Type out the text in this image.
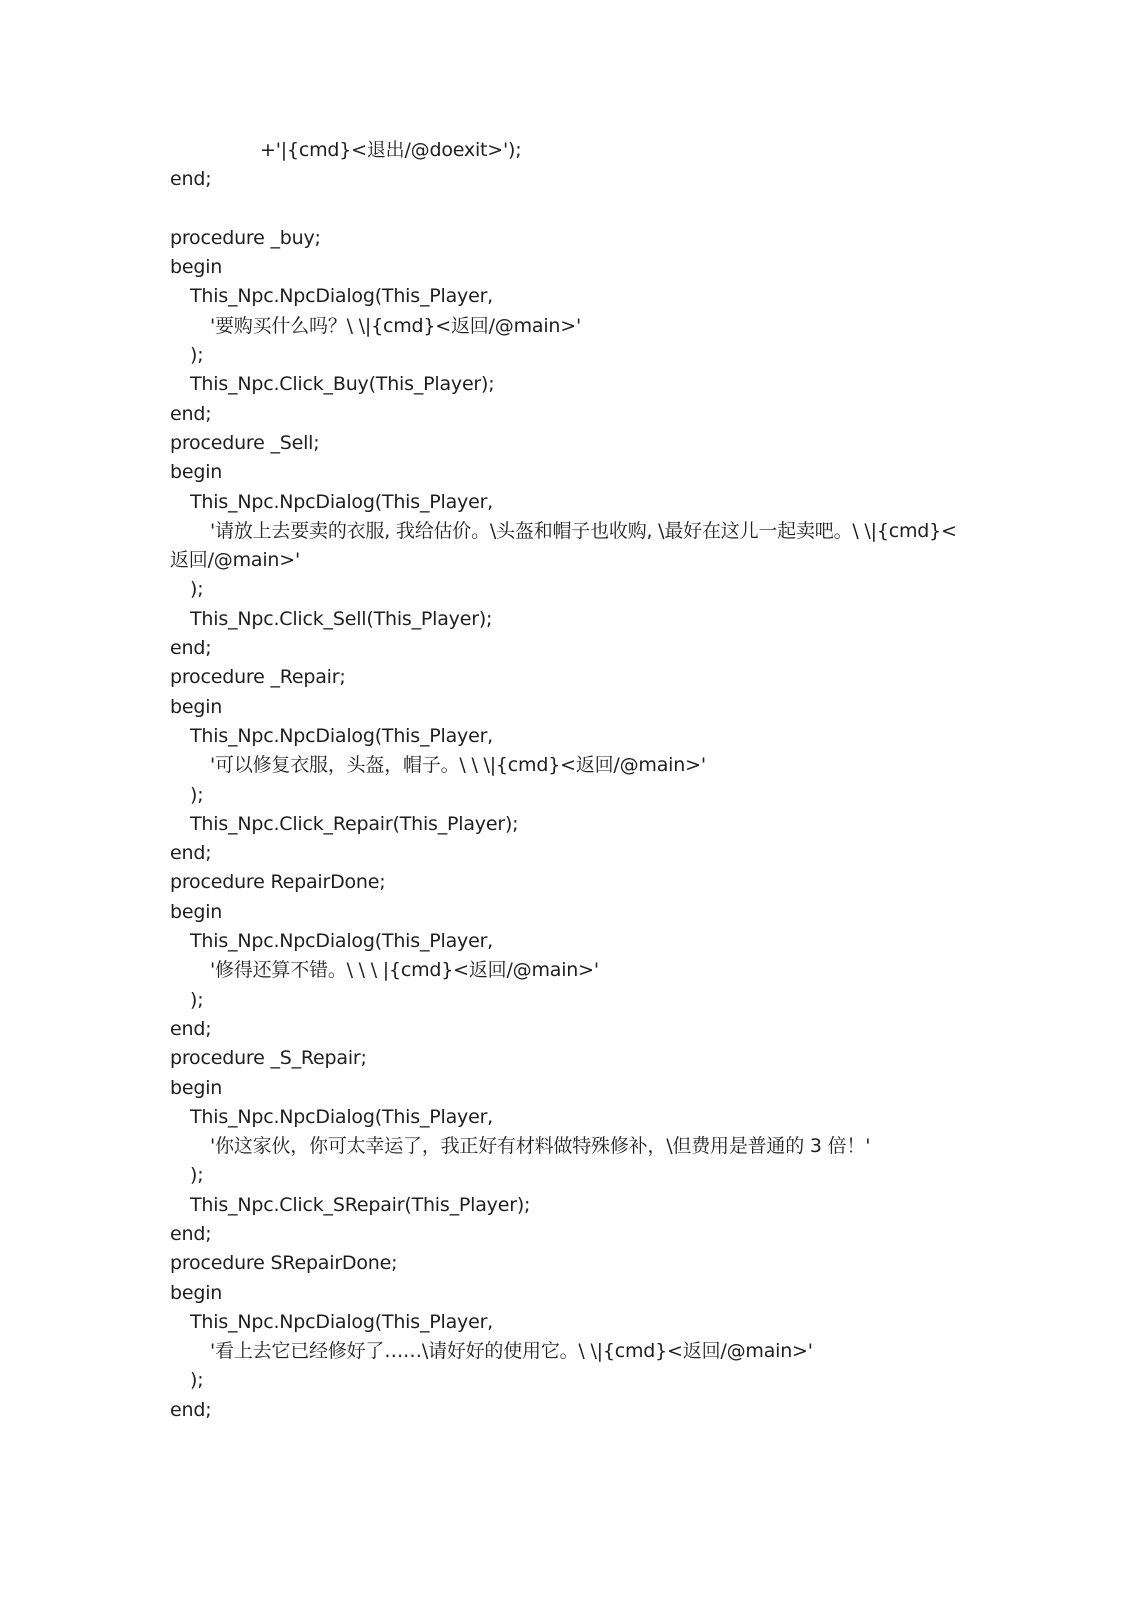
+'|{cmd}<退出/@doexit>');
end;
procedure _buy;
begin
This_Npc.NpcDialog(This_Player,
'要购买什么吗？\ \|{cmd}<返回/@main>'
);
This_Npc.Click_Buy(This_Player);
end;
procedure _Sell;
begin
This_Npc.NpcDialog(This_Player,
'请放上去要卖的衣服, 我给估价。\头盔和帽子也收购, \最好在这儿一起卖吧。\ \|{cmd}<
返回/@main>'
);
This_Npc.Click_Sell(This_Player);
end;
procedure _Repair;
begin
This_Npc.NpcDialog(This_Player,
'可以修复衣服，头盔，帽子。\ \ \|{cmd}<返回/@main>'
);
This_Npc.Click_Repair(This_Player);
end;
procedure RepairDone;
begin
This_Npc.NpcDialog(This_Player,
'修得还算不错。\ \ \ |{cmd}<返回/@main>'
);
end;
procedure _S_Repair;
begin
This_Npc.NpcDialog(This_Player,
'你这家伙，你可太幸运了，我正好有材料做特殊修补，\但费用是普通的 3 倍！'
);
This_Npc.Click_SRepair(This_Player);
end;
procedure SRepairDone;
begin
This_Npc.NpcDialog(This_Player,
'看上去它已经修好了……\请好好的使用它。\ \|{cmd}<返回/@main>'
);
end;
